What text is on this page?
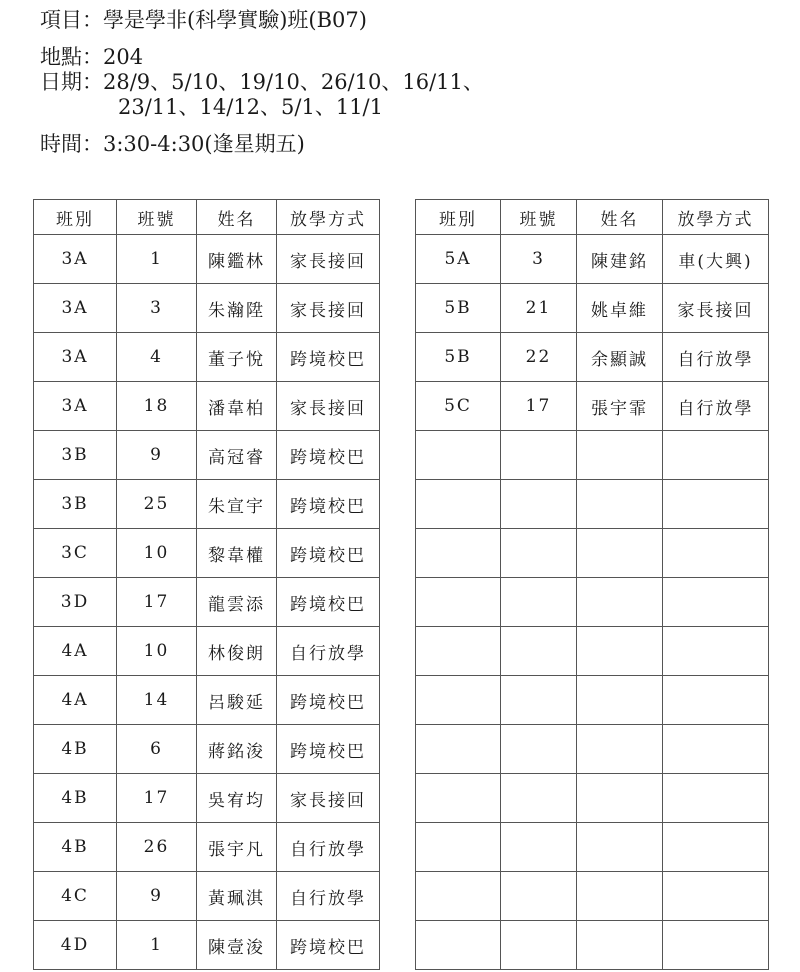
項目：學是學非(科學實驗)班(B07)
地點：204
日期：28/9、5/10、19/10、26/10、16/11、
23/11、14/12、5/1、11/1
時間：3:30-4:30(逢星期五)
班別	班號	姓名	放學方式
3A	1	陳鑑林	家長接回
3A	3	朱瀚陞	家長接回
3A	4	董子悅	跨境校巴
3A	18	潘韋柏	家長接回
3B	9	高冠睿	跨境校巴
3B	25	朱宣宇	跨境校巴
3C	10	黎韋權	跨境校巴
3D	17	龍雲添	跨境校巴
4A	10	林俊朗	自行放學
4A	14	呂駿延	跨境校巴
4B	6	蔣銘浚	跨境校巴
4B	17	吳宥均	家長接回
4B	26	張宇凡	自行放學
4C	9	黃珮淇	自行放學
4D	1	陳壹浚	跨境校巴
班別	班號	姓名	放學方式
5A	3	陳建銘	車(大興)
5B	21	姚卓維	家長接回
5B	22	余顯誠	自行放學
5C	17	張宇霏	自行放學
